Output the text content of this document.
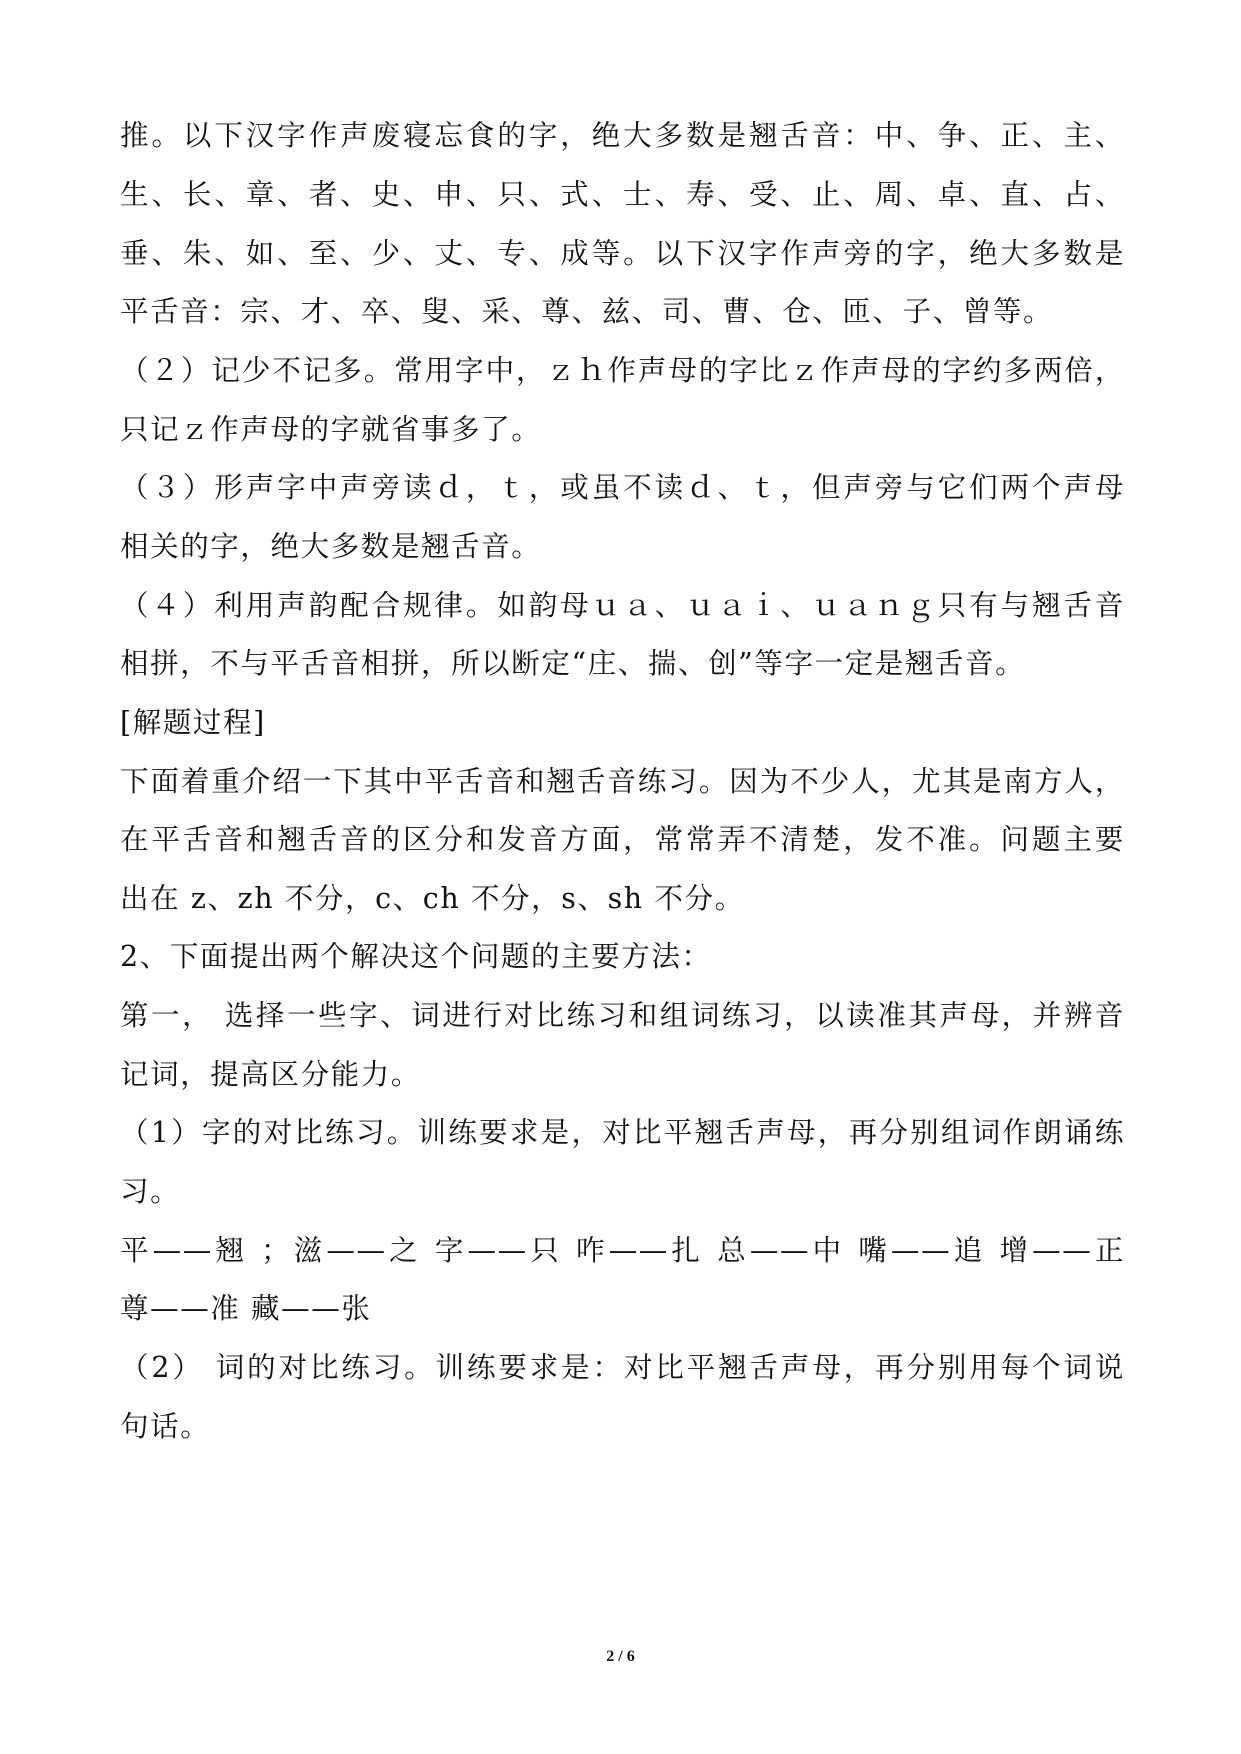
推。以下汉字作声废寝忘食的字，绝大多数是翘舌音：中、争、正、主、
生、长、章、者、史、申、只、式、士、寿、受、止、周、卓、直、占、
垂、朱、如、至、少、丈、专、成等。以下汉字作声旁的字，绝大多数是
平舌音：宗、才、卒、叟、采、尊、兹、司、曹、仓、匝、子、曾等。
（２）记少不记多。常用字中，ｚｈ作声母的字比ｚ作声母的字约多两倍，
只记ｚ作声母的字就省事多了。
（３）形声字中声旁读ｄ，ｔ，或虽不读ｄ、ｔ，但声旁与它们两个声母
相关的字，绝大多数是翘舌音。
（４）利用声韵配合规律。如韵母ｕａ、ｕａｉ、ｕａｎｇ只有与翘舌音
相拼，不与平舌音相拼，所以断定“庄、揣、创”等字一定是翘舌音。
[解题过程]
下面着重介绍一下其中平舌音和翘舌音练习。因为不少人，尤其是南方人，
在平舌音和翘舌音的区分和发音方面，常常弄不清楚，发不准。问题主要
出在 z、zh 不分，c、ch 不分，s、sh 不分。
2、下面提出两个解决这个问题的主要方法：
第一， 选择一些字、词进行对比练习和组词练习，以读准其声母，并辨音
记词，提高区分能力。
（1）字的对比练习。训练要求是，对比平翘舌声母，再分别组词作朗诵练
习。
平——翘 ；滋——之 字——只 咋——扎 总——中 嘴——追 增——正
尊——准 藏——张
（2） 词的对比练习。训练要求是：对比平翘舌声母，再分别用每个词说
句话。
2 / 6
